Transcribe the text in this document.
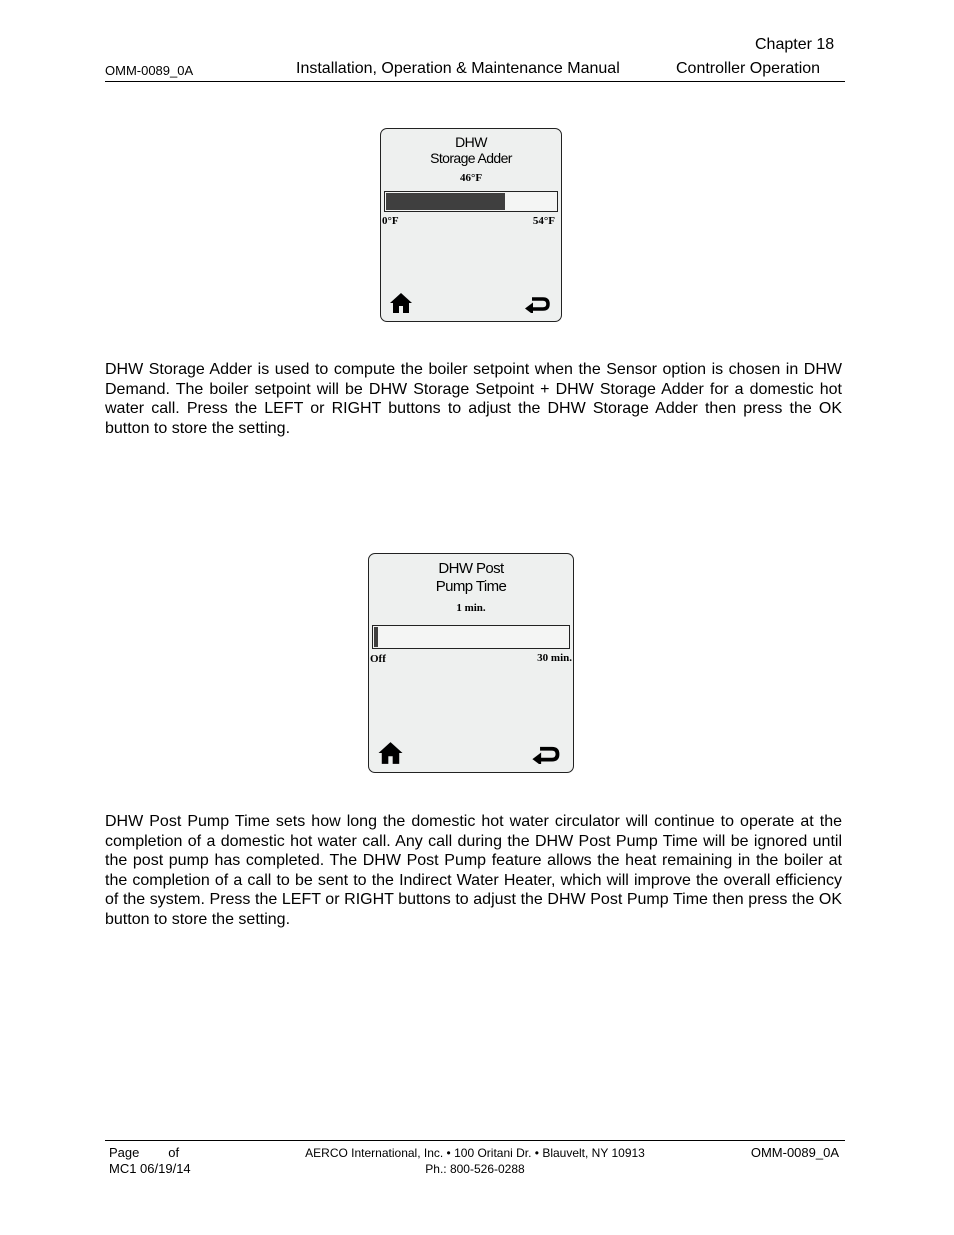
Chapter 18
OMM-0089_0A	Installation, Operation & Maintenance Manual	Controller Operation
DHW
Storage Adder
46°F
0°F	54°F

DHW Storage Adder is used to compute the boiler setpoint when the Sensor option is chosen in DHW Demand. The boiler setpoint will be DHW Storage Setpoint + DHW Storage Adder for a domestic hot water call. Press the LEFT or RIGHT buttons to adjust the DHW Storage Adder then press the OK button to store the setting.

DHW Post
Pump Time
1 min.
Off	30 min.

DHW Post Pump Time sets how long the domestic hot water circulator will continue to operate at the completion of a domestic hot water call. Any call during the DHW Post Pump Time will be ignored until the post pump has completed. The DHW Post Pump feature allows the heat remaining in the boiler at the completion of a call to be sent to the Indirect Water Heater, which will improve the overall efficiency of the system. Press the LEFT or RIGHT buttons to adjust the DHW Post Pump Time then press the OK button to store the setting.

Page        of
MC1 06/19/14
AERCO International, Inc. • 100 Oritani Dr. • Blauvelt, NY 10913
Ph.: 800-526-0288
OMM-0089_0A
